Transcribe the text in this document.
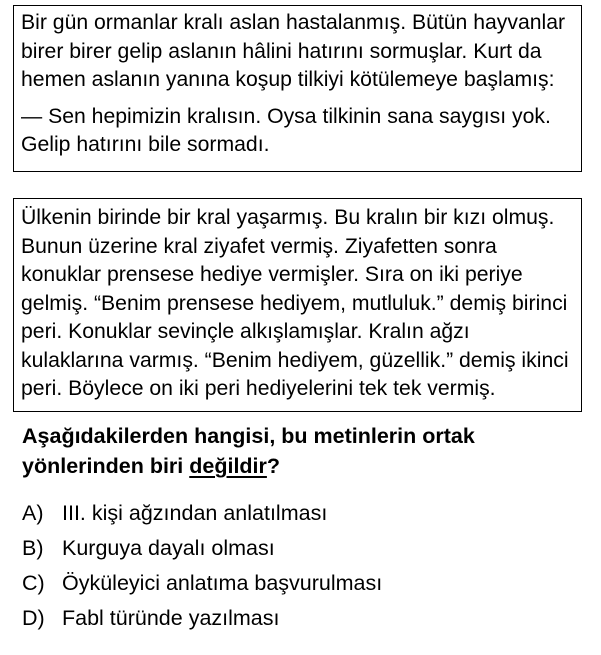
Bir gün ormanlar kralı aslan hastalanmış. Bütün hayvanlar birer birer gelip aslanın hâlini hatırını sormuşlar. Kurt da hemen aslanın yanına koşup tilkiyi kötülemeye başlamış:

— Sen hepimizin kralısın. Oysa tilkinin sana saygısı yok. Gelip hatırını bile sormadı.

Ülkenin birinde bir kral yaşarmış. Bu kralın bir kızı olmuş. Bunun üzerine kral ziyafet vermiş. Ziyafetten sonra konuklar prensese hediye vermişler. Sıra on iki periye gelmiş. “Benim prensese hediyem, mutluluk.” demiş birinci peri. Konuklar sevinçle alkışlamışlar. Kralın ağzı kulaklarına varmış. “Benim hediyem, güzellik.” demiş ikinci peri. Böylece on iki peri hediyelerini tek tek vermiş.

Aşağıdakilerden hangisi, bu metinlerin ortak yönlerinden biri değildir?

A) III. kişi ağzından anlatılması
B) Kurguya dayalı olması
C) Öyküleyici anlatıma başvurulması
D) Fabl türünde yazılması
